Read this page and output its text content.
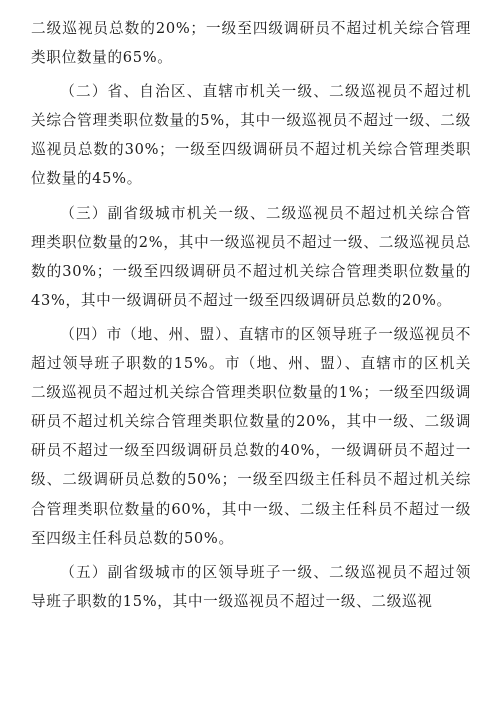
二级巡视员总数的20%；一级至四级调研员不超过机关综合管理类职位数量的65%。

（二）省、自治区、直辖市机关一级、二级巡视员不超过机关综合管理类职位数量的5%，其中一级巡视员不超过一级、二级巡视员总数的30%；一级至四级调研员不超过机关综合管理类职位数量的45%。

（三）副省级城市机关一级、二级巡视员不超过机关综合管理类职位数量的2%，其中一级巡视员不超过一级、二级巡视员总数的30%；一级至四级调研员不超过机关综合管理类职位数量的43%，其中一级调研员不超过一级至四级调研员总数的20%。

（四）市（地、州、盟）、直辖市的区领导班子一级巡视员不超过领导班子职数的15%。市（地、州、盟）、直辖市的区机关二级巡视员不超过机关综合管理类职位数量的1%；一级至四级调研员不超过机关综合管理类职位数量的20%，其中一级、二级调研员不超过一级至四级调研员总数的40%，一级调研员不超过一级、二级调研员总数的50%；一级至四级主任科员不超过机关综合管理类职位数量的60%，其中一级、二级主任科员不超过一级至四级主任科员总数的50%。

（五）副省级城市的区领导班子一级、二级巡视员不超过领导班子职数的15%，其中一级巡视员不超过一级、二级巡视
